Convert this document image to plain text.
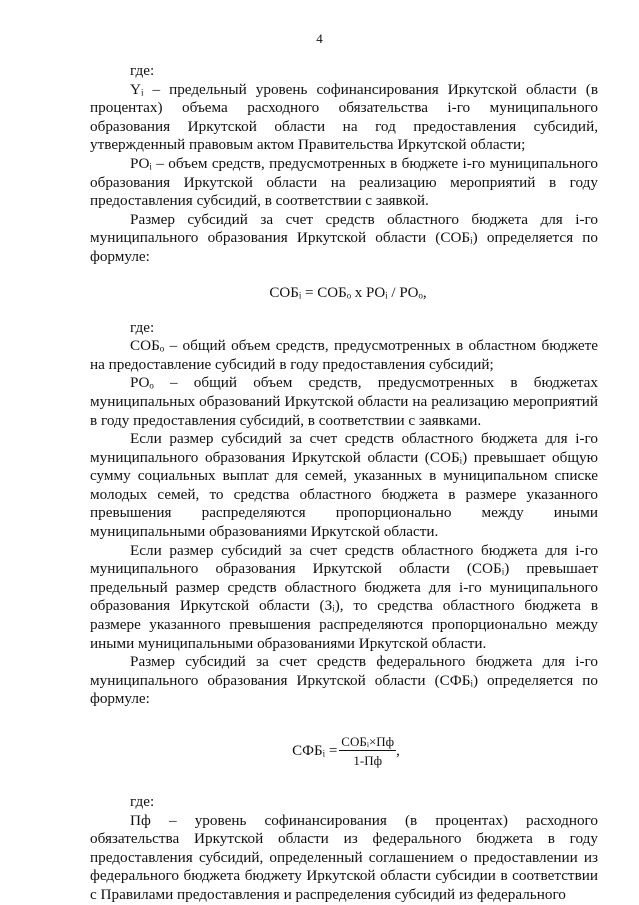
4

где:

Yᵢ – предельный уровень софинансирования Иркутской области (в процентах) объема расходного обязательства i-го муниципального образования Иркутской области на год предоставления субсидий, утвержденный правовым актом Правительства Иркутской области;

POᵢ – объем средств, предусмотренных в бюджете i-го муниципального образования Иркутской области на реализацию мероприятий в году предоставления субсидий, в соответствии с заявкой.

Размер субсидий за счет средств областного бюджета для i-го муниципального образования Иркутской области (СОБᵢ) определяется по формуле:

СОБᵢ = СОБₒ х POᵢ / POₒ,

где:

СОБₒ – общий объем средств, предусмотренных в областном бюджете на предоставление субсидий в году предоставления субсидий;

POₒ – общий объем средств, предусмотренных в бюджетах муниципальных образований Иркутской области на реализацию мероприятий в году предоставления субсидий, в соответствии с заявками.

Если размер субсидий за счет средств областного бюджета для i-го муниципального образования Иркутской области (СОБᵢ) превышает общую сумму социальных выплат для семей, указанных в муниципальном списке молодых семей, то средства областного бюджета в размере указанного превышения распределяются пропорционально между иными муниципальными образованиями Иркутской области.

Если размер субсидий за счет средств областного бюджета для i-го муниципального образования Иркутской области (СОБᵢ) превышает предельный размер средств областного бюджета для i-го муниципального образования Иркутской области (Зᵢ), то средства областного бюджета в размере указанного превышения распределяются пропорционально между иными муниципальными образованиями Иркутской области.

Размер субсидий за счет средств федерального бюджета для i-го муниципального образования Иркутской области (СФБᵢ) определяется по формуле:

СФБᵢ = $\frac{\text{СОБᵢ×Пф}}{1-Пф}$ ,

где:

Пф – уровень софинансирования (в процентах) расходного обязательства Иркутской области из федерального бюджета в году предоставления субсидий, определенный соглашением о предоставлении из федерального бюджета бюджету Иркутской области субсидии в соответствии с Правилами предоставления и распределения субсидий из федерального
